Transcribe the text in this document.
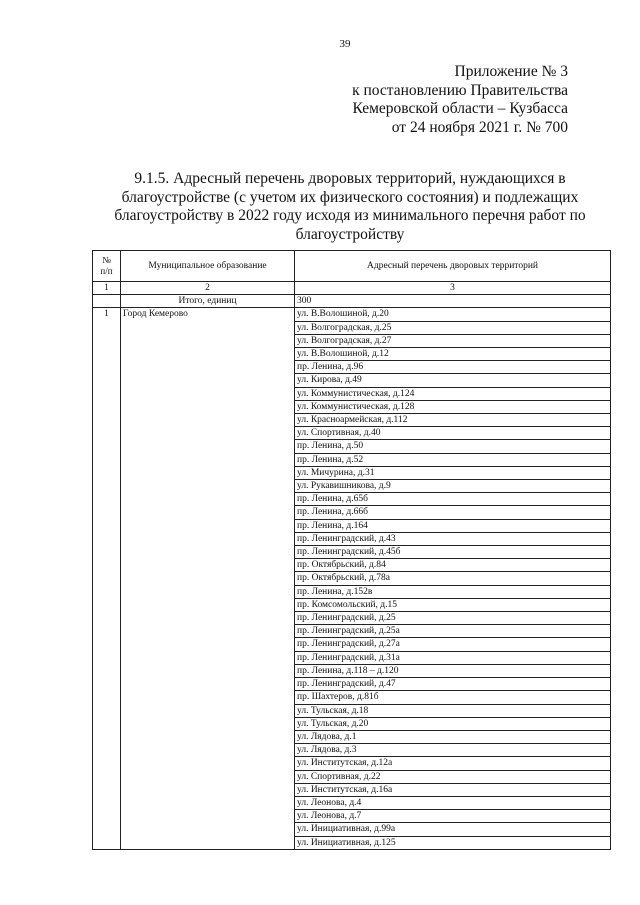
39
Приложение № 3
к постановлению Правительства
Кемеровской области – Кузбасса
от 24 ноября 2021 г. № 700
9.1.5. Адресный перечень дворовых территорий, нуждающихся в благоустройстве (с учетом их физического состояния) и подлежащих благоустройству в 2022 году исходя из минимального перечня работ по благоустройству
№
п/п	Муниципальное образование	Адресный перечень дворовых территорий
1	2	3
	Итого, единиц	300
1	Город Кемерово	ул. В.Волошиной, д.20
		ул. Волгоградская, д.25
		ул. Волгоградская, д.27
		ул. В.Волошиной, д.12
		пр. Ленина, д.96
		ул. Кирова, д.49
		ул. Коммунистическая, д.124
		ул. Коммунистическая, д.128
		ул. Красноармейская, д.112
		ул. Спортивная, д.40
		пр. Ленина, д.50
		пр. Ленина, д.52
		ул. Мичурина, д.31
		ул. Рукавишникова, д.9
		пр. Ленина, д.65б
		пр. Ленина, д.66б
		пр. Ленина, д.164
		пр. Ленинградский, д.43
		пр. Ленинградский, д.45б
		пр. Октябрьский, д.84
		пр. Октябрьский, д.78а
		пр. Ленина, д.152в
		пр. Комсомольский, д.15
		пр. Ленинградский, д.25
		пр. Ленинградский, д.25а
		пр. Ленинградский, д.27а
		пр. Ленинградский, д.31а
		пр. Ленина, д.118 – д.120
		пр. Ленинградский, д.47
		пр. Шахтеров, д.81б
		ул. Тульская, д.18
		ул. Тульская, д.20
		ул. Лядова, д.1
		ул. Лядова, д.3
		ул. Институтская, д.12а
		ул. Спортивная, д.22
		ул. Институтская, д.16а
		ул. Леонова, д.4
		ул. Леонова, д.7
		ул. Инициативная, д.99а
		ул. Инициативная, д.125
